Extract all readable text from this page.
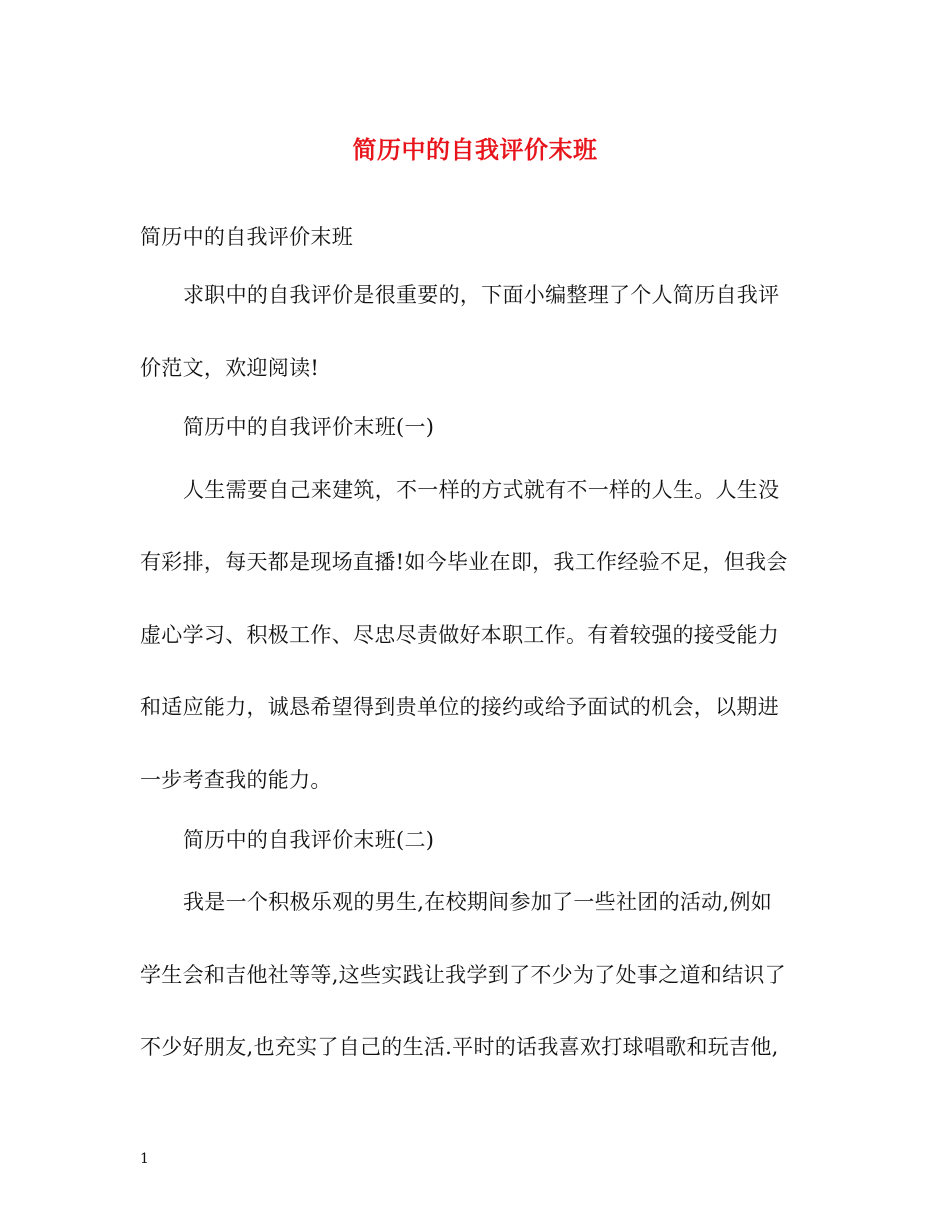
简历中的自我评价末班
简历中的自我评价末班
求职中的自我评价是很重要的，下面小编整理了个人简历自我评
价范文，欢迎阅读!
简历中的自我评价末班(一)
人生需要自己来建筑，不一样的方式就有不一样的人生。人生没
有彩排，每天都是现场直播!如今毕业在即，我工作经验不足，但我会
虚心学习、积极工作、尽忠尽责做好本职工作。有着较强的接受能力
和适应能力，诚恳希望得到贵单位的接约或给予面试的机会，以期进
一步考查我的能力。
简历中的自我评价末班(二)
我是一个积极乐观的男生,在校期间参加了一些社团的活动,例如
学生会和吉他社等等,这些实践让我学到了不少为了处事之道和结识了
不少好朋友,也充实了自己的生活.平时的话我喜欢打球唱歌和玩吉他,
1
